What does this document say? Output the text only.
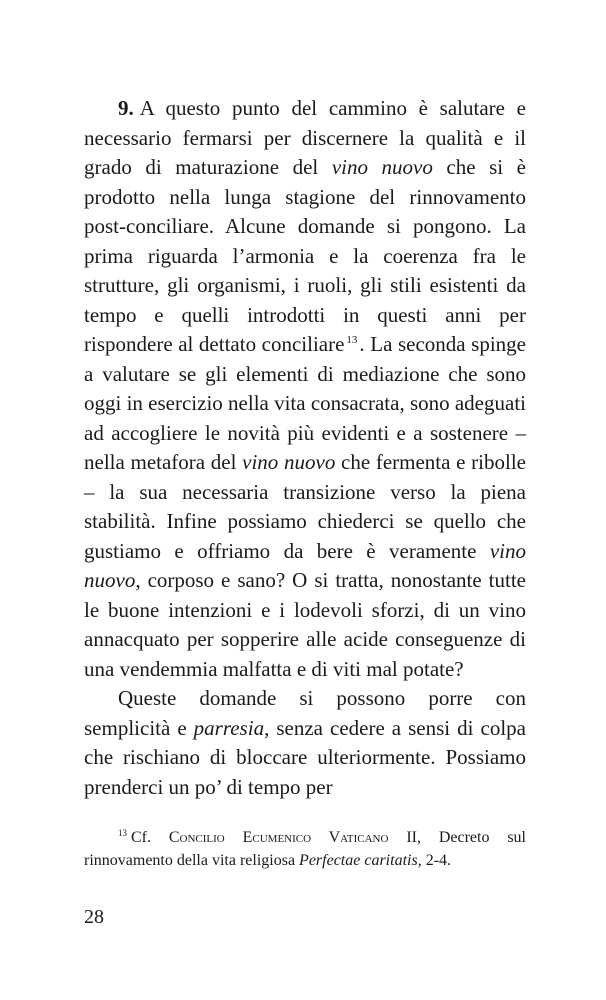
9. A questo punto del cammino è salutare e necessario fermarsi per discernere la qualità e il grado di maturazione del vino nuovo che si è prodotto nella lunga stagione del rinnovamento post-conciliare. Alcune domande si pongono. La prima riguarda l’armonia e la coerenza fra le strutture, gli organismi, i ruoli, gli stili esistenti da tempo e quelli introdotti in questi anni per rispondere al dettato conciliare $^{13}$. La seconda spinge a valutare se gli elementi di mediazione che sono oggi in esercizio nella vita consacrata, sono adeguati ad accogliere le novità più evidenti e a sostenere – nella metafora del vino nuovo che fermenta e ribolle – la sua necessaria transizione verso la piena stabilità. Infine possiamo chiederci se quello che gustiamo e offriamo da bere è veramente vino nuovo, corposo e sano? O si tratta, nonostante tutte le buone intenzioni e i lodevoli sforzi, di un vino annacquato per sopperire alle acide conseguenze di una vendemmia malfatta e di viti mal potate?

Queste domande si possono porre con semplicità e parresia, senza cedere a sensi di colpa che rischiano di bloccare ulteriormente. Possiamo prenderci un po’ di tempo per

$^{13}$ Cf. Concilio Ecumenico Vaticano II, Decreto sul rinnovamento della vita religiosa Perfectae caritatis, 2-4.

28
